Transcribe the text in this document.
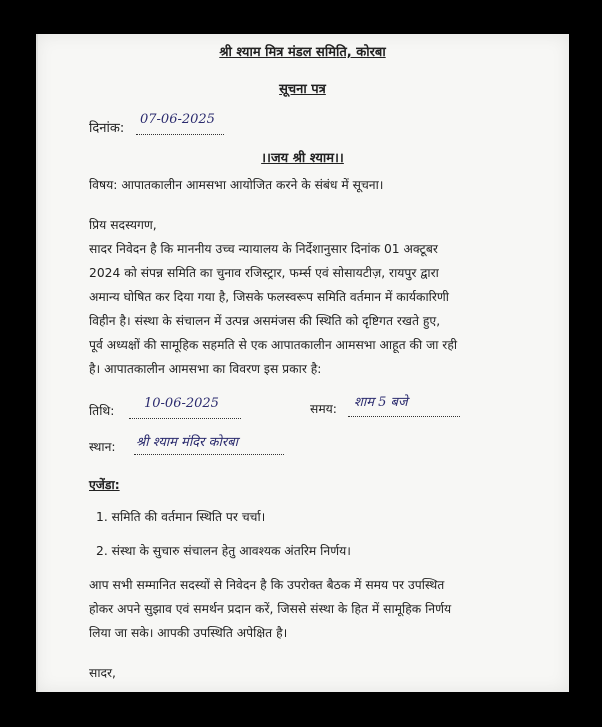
श्री श्याम मित्र मंडल समिति, कोरबा
सूचना पत्र
दिनांक:
07-06-2025
।।जय श्री श्याम।।
विषय: आपातकालीन आमसभा आयोजित करने के संबंध में सूचना।
प्रिय सदस्यगण,
सादर निवेदन है कि माननीय उच्च न्यायालय के निर्देशानुसार दिनांक 01 अक्टूबर
2024 को संपन्न समिति का चुनाव रजिस्ट्रार, फर्म्स एवं सोसायटीज़, रायपुर द्वारा
अमान्य घोषित कर दिया गया है, जिसके फलस्वरूप समिति वर्तमान में कार्यकारिणी
विहीन है। संस्था के संचालन में उत्पन्न असमंजस की स्थिति को दृष्टिगत रखते हुए,
पूर्व अध्यक्षों की सामूहिक सहमति से एक आपातकालीन आमसभा आहूत की जा रही
है। आपातकालीन आमसभा का विवरण इस प्रकार है:
तिथि: 10-06-2025	समय: शाम 5 बजे
स्थान: श्री श्याम मंदिर कोरबा
एजेंडा:
1. समिति की वर्तमान स्थिति पर चर्चा।
2. संस्था के सुचारु संचालन हेतु आवश्यक अंतरिम निर्णय।
आप सभी सम्मानित सदस्यों से निवेदन है कि उपरोक्त बैठक में समय पर उपस्थित
होकर अपने सुझाव एवं समर्थन प्रदान करें, जिससे संस्था के हित में सामूहिक निर्णय
लिया जा सके। आपकी उपस्थिति अपेक्षित है।
सादर,
